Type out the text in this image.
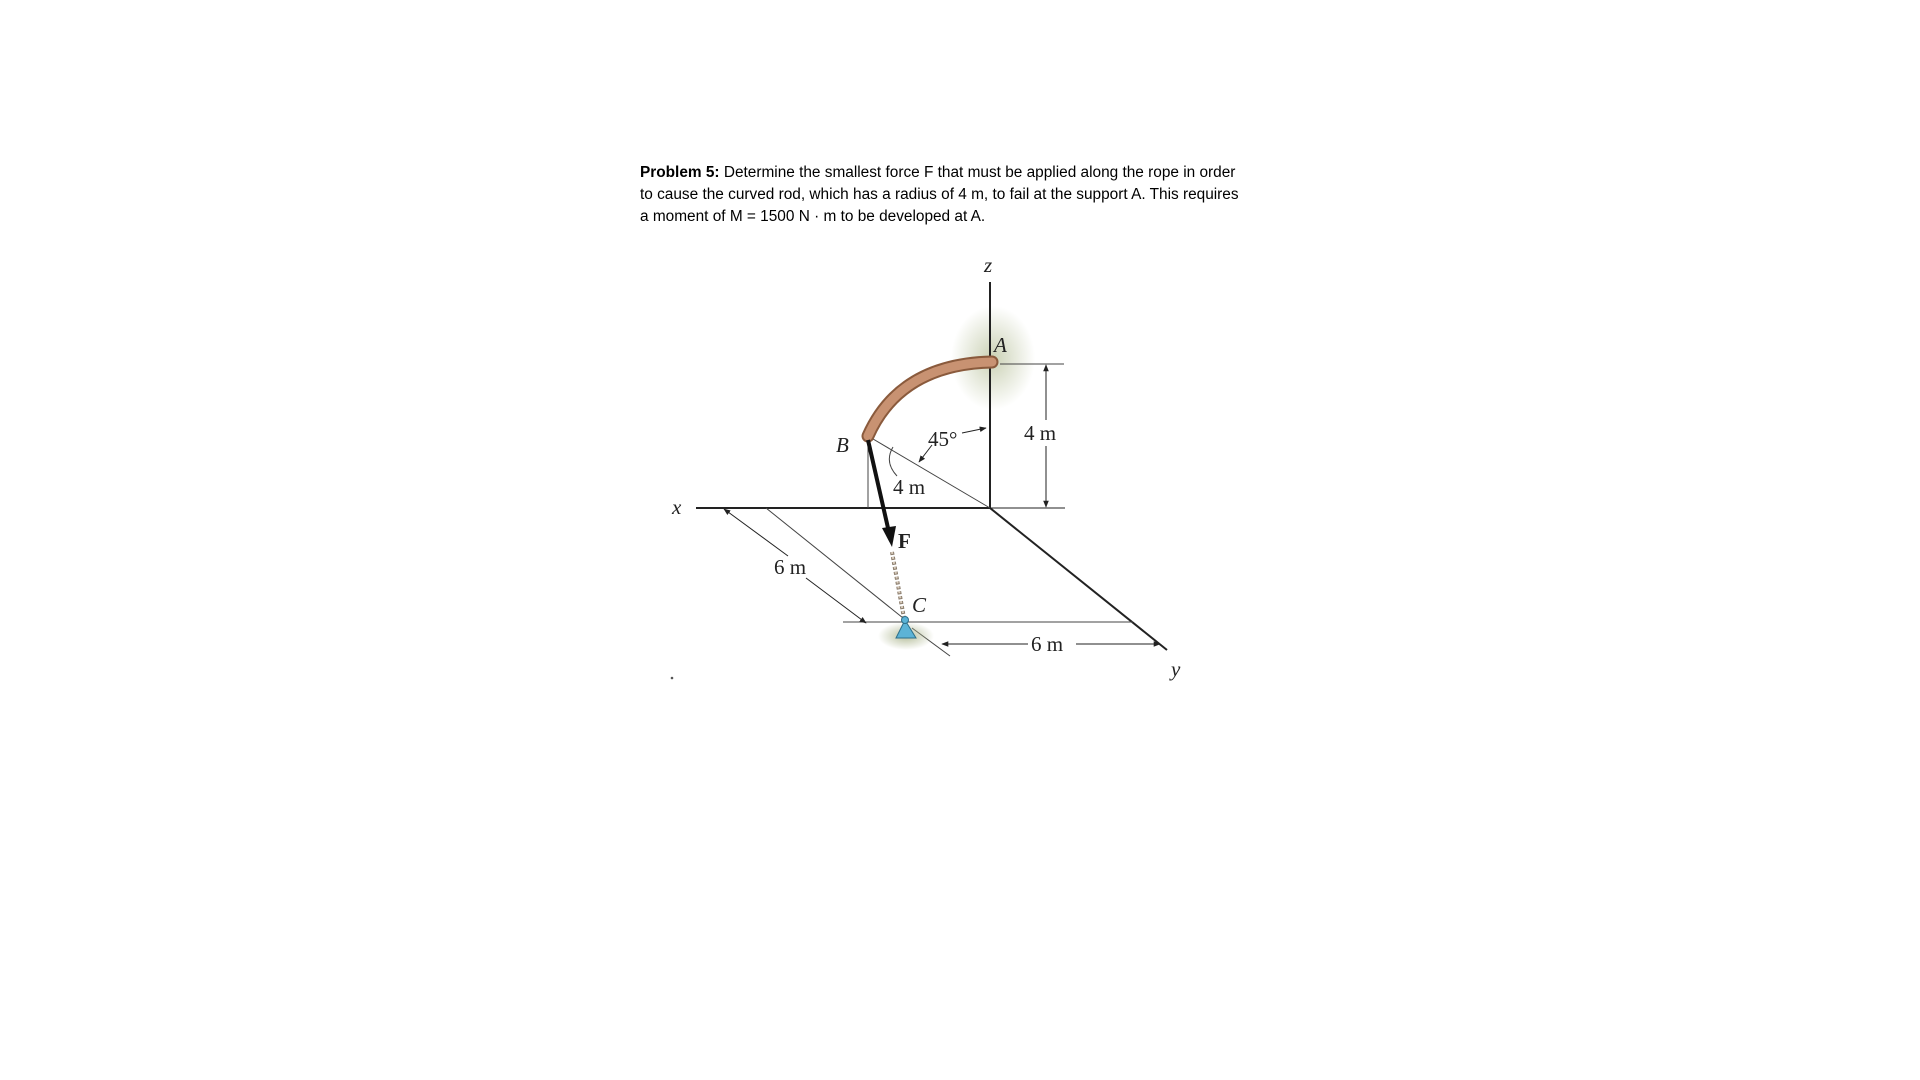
Problem 5: Determine the smallest force F that must be applied along the rope in order
to cause the curved rod, which has a radius of 4 m, to fail at the support A. This requires
a moment of M = 1500 N · m to be developed at A.
z
x
y
A
B
C
F
45°
4 m
4 m
6 m
6 m
